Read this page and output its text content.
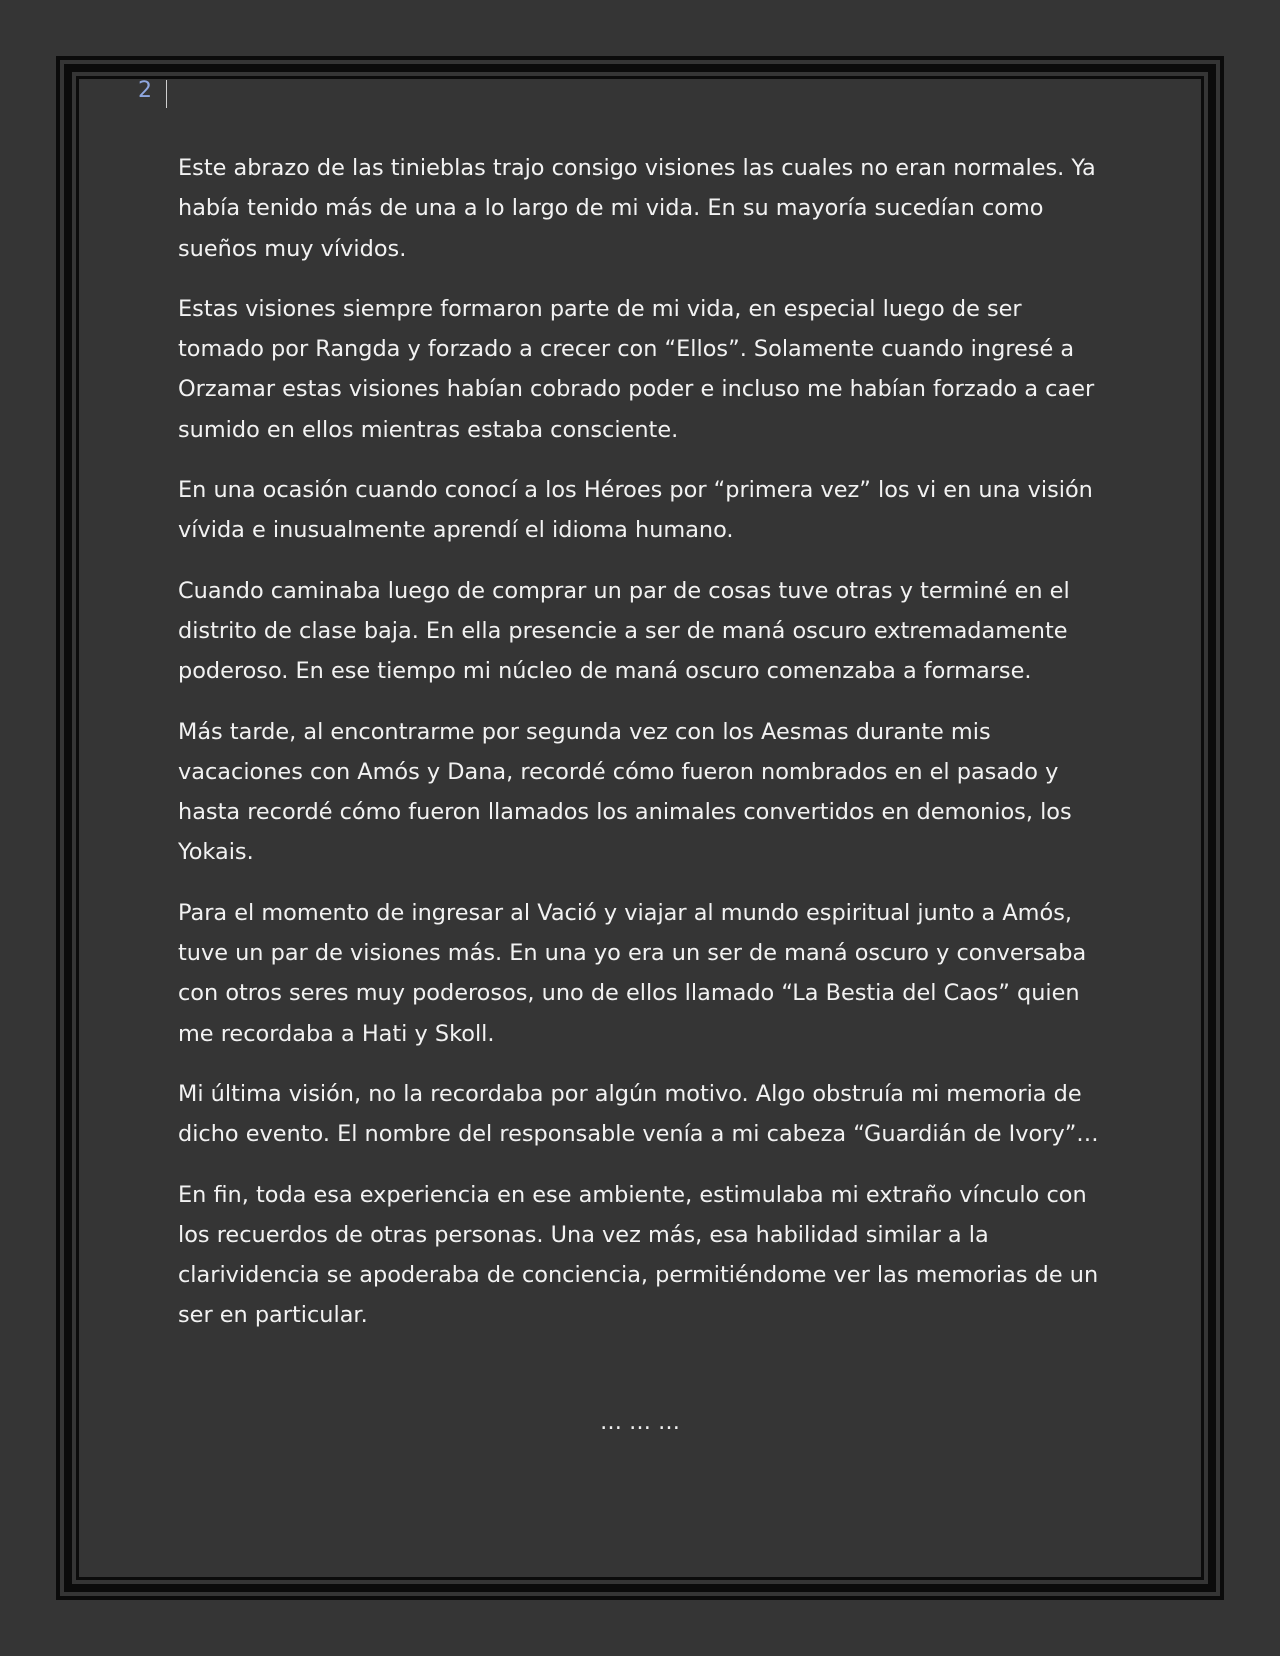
2

Este abrazo de las tinieblas trajo consigo visiones las cuales no eran normales. Ya había tenido más de una a lo largo de mi vida. En su mayoría sucedían como sueños muy vívidos.

Estas visiones siempre formaron parte de mi vida, en especial luego de ser tomado por Rangda y forzado a crecer con “Ellos”. Solamente cuando ingresé a Orzamar estas visiones habían cobrado poder e incluso me habían forzado a caer sumido en ellos mientras estaba consciente.

En una ocasión cuando conocí a los Héroes por “primera vez” los vi en una visión vívida e inusualmente aprendí el idioma humano.

Cuando caminaba luego de comprar un par de cosas tuve otras y terminé en el distrito de clase baja. En ella presencie a ser de maná oscuro extremadamente poderoso. En ese tiempo mi núcleo de maná oscuro comenzaba a formarse.

Más tarde, al encontrarme por segunda vez con los Aesmas durante mis vacaciones con Amós y Dana, recordé cómo fueron nombrados en el pasado y hasta recordé cómo fueron llamados los animales convertidos en demonios, los Yokais.

Para el momento de ingresar al Vació y viajar al mundo espiritual junto a Amós, tuve un par de visiones más. En una yo era un ser de maná oscuro y conversaba con otros seres muy poderosos, uno de ellos llamado “La Bestia del Caos” quien me recordaba a Hati y Skoll.

Mi última visión, no la recordaba por algún motivo. Algo obstruía mi memoria de dicho evento. El nombre del responsable venía a mi cabeza “Guardián de Ivory”…

En fin, toda esa experiencia en ese ambiente, estimulaba mi extraño vínculo con los recuerdos de otras personas. Una vez más, esa habilidad similar a la clarividencia se apoderaba de conciencia, permitiéndome ver las memorias de un ser en particular.

… … …
